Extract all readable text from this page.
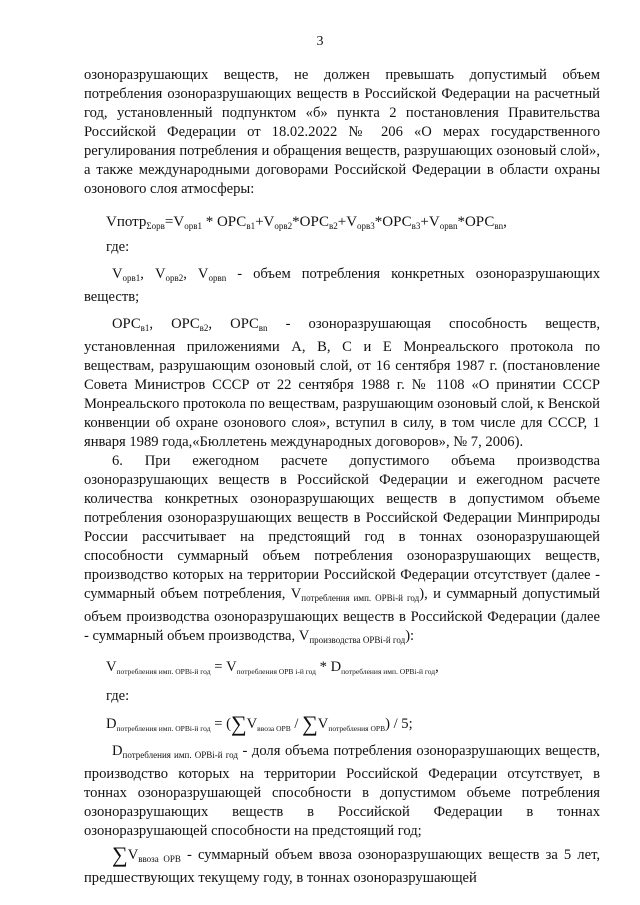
3

озоноразрушающих веществ, не должен превышать допустимый объем потребления озоноразрушающих веществ в Российской Федерации на расчетный год, установленный подпунктом «б» пункта 2 постановления Правительства Российской Федерации от 18.02.2022 № 206 «О мерах государственного регулирования потребления и обращения веществ, разрушающих озоновый слой», а также международными договорами Российской Федерации в области охраны озонового слоя атмосферы:

$Vпотр_{\Sigma орв}=V_{орв1} * ОРС_{в1}+V_{орв2}*ОРС_{в2}+V_{орв3}*ОРС_{в3}+V_{орвn}*ОРС_{вn}$,
где:

$V_{орв1}$, $V_{орв2}$, $V_{орвn}$ - объем потребления конкретных озоноразрушающих веществ;

$ОРС_{в1}$, $ОРС_{в2}$, $ОРС_{вn}$ - озоноразрушающая способность веществ, установленная приложениями A, B, C и E Монреальского протокола по веществам, разрушающим озоновый слой, от 16 сентября 1987 г. (постановление Совета Министров СССР от 22 сентября 1988 г. № 1108 «О принятии СССР Монреальского протокола по веществам, разрушающим озоновый слой, к Венской конвенции об охране озонового слоя», вступил в силу, в том числе для СССР, 1 января 1989 года,«Бюллетень международных договоров», № 7, 2006).

6. При ежегодном расчете допустимого объема производства озоноразрушающих веществ в Российской Федерации и ежегодном расчете количества конкретных озоноразрушающих веществ в допустимом объеме потребления озоноразрушающих веществ в Российской Федерации Минприроды России рассчитывает на предстоящий год в тоннах озоноразрушающей способности суммарный объем потребления озоноразрушающих веществ, производство которых на территории Российской Федерации отсутствует (далее - суммарный объем потребления, $V_{потребления имп. ОРВi-й год}$), и суммарный допустимый объем производства озоноразрушающих веществ в Российской Федерации (далее - суммарный объем производства, $V_{производства ОРВi-й год}$):

$V_{потребления имп. ОРВi-й год} = V_{потребления ОРВ i-й год} * D_{потребления имп. ОРВi-й год}$,
где:
$D_{потребления имп. ОРВi-й год} = (\sum V_{ввоза ОРВ} / \sum V_{потребления ОРВ}) / 5$;

$D_{потребления имп. ОРВi-й год}$ - доля объема потребления озоноразрушающих веществ, производство которых на территории Российской Федерации отсутствует, в тоннах озоноразрушающей способности в допустимом объеме потребления озоноразрушающих веществ в Российской Федерации в тоннах озоноразрушающей способности на предстоящий год;

$\sum V_{ввоза ОРВ}$ - суммарный объем ввоза озоноразрушающих веществ за 5 лет, предшествующих текущему году, в тоннах озоноразрушающей
